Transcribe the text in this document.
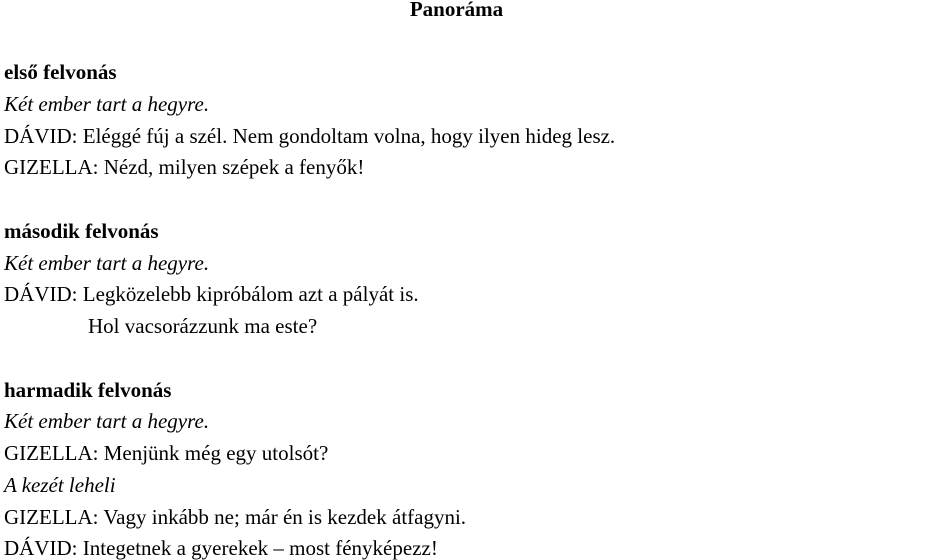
Panoráma
első felvonás
Két ember tart a hegyre.
DÁVID: Eléggé fúj a szél. Nem gondoltam volna, hogy ilyen hideg lesz.
GIZELLA: Nézd, milyen szépek a fenyők!
második felvonás
Két ember tart a hegyre.
DÁVID: Legközelebb kipróbálom azt a pályát is.
Hol vacsorázzunk ma este?
harmadik felvonás
Két ember tart a hegyre.
GIZELLA: Menjünk még egy utolsót?
A kezét leheli
GIZELLA: Vagy inkább ne; már én is kezdek átfagyni.
DÁVID: Integetnek a gyerekek – most fényképezz!
